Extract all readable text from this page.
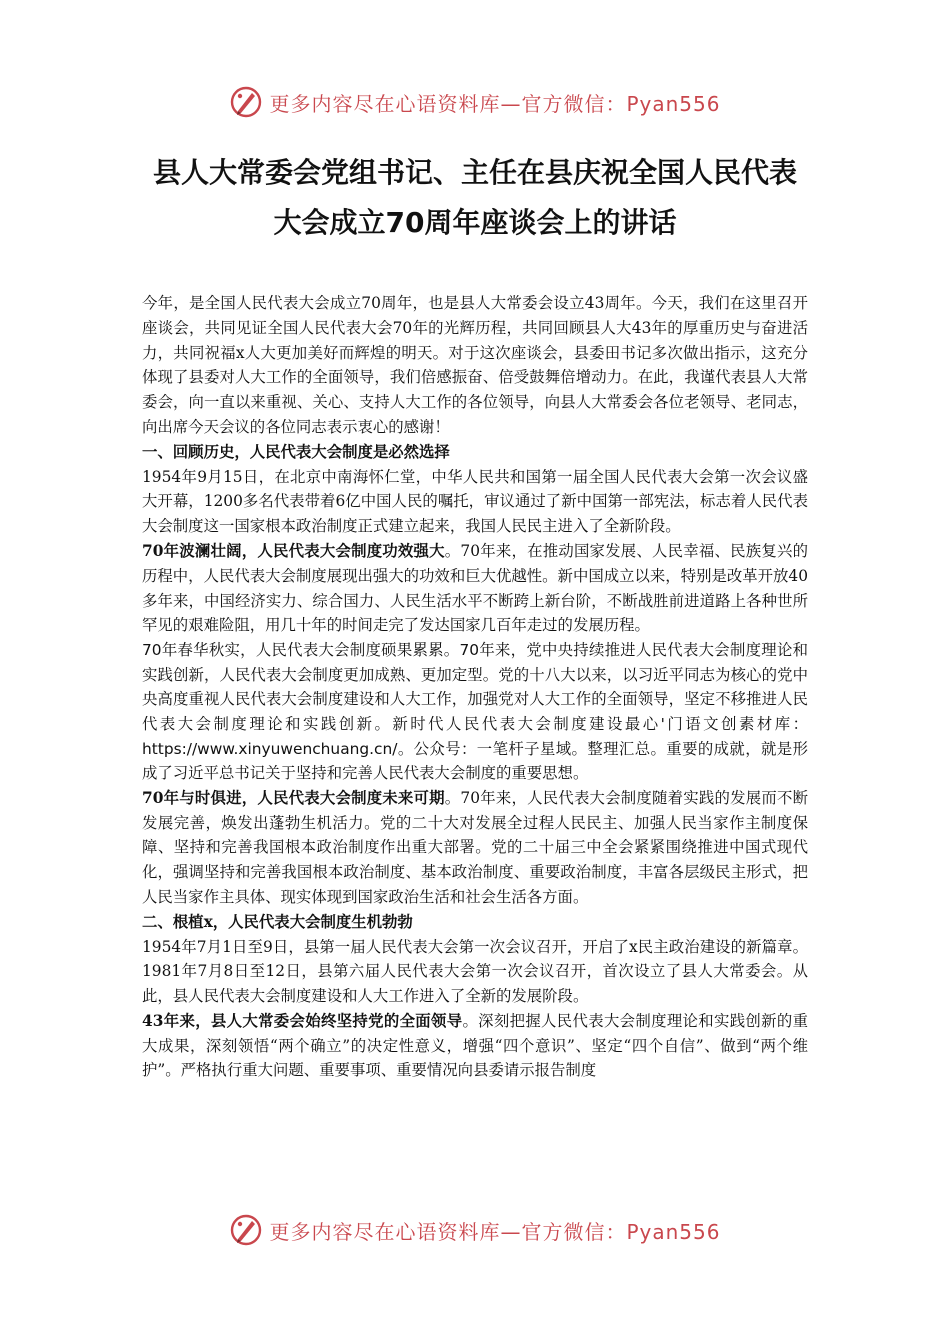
更多内容尽在心语资料库—官方微信：Pyan556
县人大常委会党组书记、主任在县庆祝全国人民代表
大会成立70周年座谈会上的讲话

今年，是全国人民代表大会成立70周年，也是县人大常委会设立43周年。今天，我们在这里召开座谈会，共同见证全国人民代表大会70年的光辉历程，共同回顾县人大43年的厚重历史与奋进活力，共同祝福x人大更加美好而辉煌的明天。对于这次座谈会，县委田书记多次做出指示，这充分体现了县委对人大工作的全面领导，我们倍感振奋、倍受鼓舞倍增动力。在此，我谨代表县人大常委会，向一直以来重视、关心、支持人大工作的各位领导，向县人大常委会各位老领导、老同志，向出席今天会议的各位同志表示衷心的感谢！

一、回顾历史，人民代表大会制度是必然选择

1954年9月15日，在北京中南海怀仁堂，中华人民共和国第一届全国人民代表大会第一次会议盛大开幕，1200多名代表带着6亿中国人民的嘱托，审议通过了新中国第一部宪法，标志着人民代表大会制度这一国家根本政治制度正式建立起来，我国人民民主进入了全新阶段。

70年波澜壮阔，人民代表大会制度功效强大。70年来，在推动国家发展、人民幸福、民族复兴的历程中，人民代表大会制度展现出强大的功效和巨大优越性。新中国成立以来，特别是改革开放40多年来，中国经济实力、综合国力、人民生活水平不断跨上新台阶，不断战胜前进道路上各种世所罕见的艰难险阻，用几十年的时间走完了发达国家几百年走过的发展历程。

70年春华秋实，人民代表大会制度硕果累累。70年来，党中央持续推进人民代表大会制度理论和实践创新，人民代表大会制度更加成熟、更加定型。党的十八大以来，以习近平同志为核心的党中央高度重视人民代表大会制度建设和人大工作，加强党对人大工作的全面领导，坚定不移推进人民代表大会制度理论和实践创新。新时代人民代表大会制度建设最心'门语文创素材库：https://www.xinyuwenchuang.cn/。公众号：一笔杆子星域。整理汇总。重要的成就，就是形成了习近平总书记关于坚持和完善人民代表大会制度的重要思想。

70年与时俱进，人民代表大会制度未来可期。70年来，人民代表大会制度随着实践的发展而不断发展完善，焕发出蓬勃生机活力。党的二十大对发展全过程人民民主、加强人民当家作主制度保障、坚持和完善我国根本政治制度作出重大部署。党的二十届三中全会紧紧围绕推进中国式现代化，强调坚持和完善我国根本政治制度、基本政治制度、重要政治制度，丰富各层级民主形式，把人民当家作主具体、现实体现到国家政治生活和社会生活各方面。

二、根植x，人民代表大会制度生机勃勃

1954年7月1日至9日，县第一届人民代表大会第一次会议召开，开启了x民主政治建设的新篇章。1981年7月8日至12日，县第六届人民代表大会第一次会议召开，首次设立了县人大常委会。从此，县人民代表大会制度建设和人大工作进入了全新的发展阶段。

43年来，县人大常委会始终坚持党的全面领导。深刻把握人民代表大会制度理论和实践创新的重大成果，深刻领悟“两个确立”的决定性意义，增强“四个意识”、坚定“四个自信”、做到“两个维护”。严格执行重大问题、重要事项、重要情况向县委请示报告制度

更多内容尽在心语资料库—官方微信：Pyan556
